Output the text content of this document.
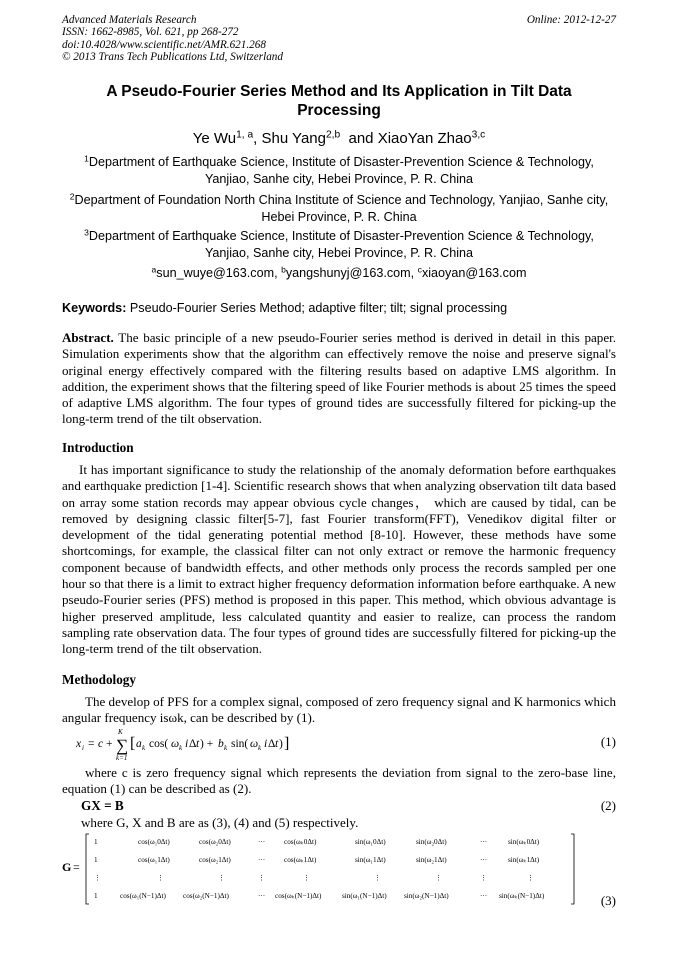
Advanced Materials Research
ISSN: 1662-8985, Vol. 621, pp 268-272
doi:10.4028/www.scientific.net/AMR.621.268
© 2013 Trans Tech Publications Ltd, Switzerland
Online: 2012-12-27
A Pseudo-Fourier Series Method and Its Application in Tilt Data
Processing
Ye Wu$^{1, a}$, Shu Yang$^{2,b}$  and XiaoYan Zhao$^{3,c}$
$^1$Department of Earthquake Science, Institute of Disaster-Prevention Science & Technology,
Yanjiao, Sanhe city, Hebei Province, P. R. China
$^2$Department of Foundation North China Institute of Science and Technology, Yanjiao, Sanhe city,
Hebei Province, P. R. China
$^3$Department of Earthquake Science, Institute of Disaster-Prevention Science & Technology,
Yanjiao, Sanhe city, Hebei Province, P. R. China
$^a$sun_wuye@163.com, $^b$yangshunyj@163.com, $^c$xiaoyan@163.com
Keywords: Pseudo-Fourier Series Method; adaptive filter; tilt; signal processing
Abstract. The basic principle of a new pseudo-Fourier series method is derived in detail in this paper. Simulation experiments show that the algorithm can effectively remove the noise and preserve signal's original energy effectively compared with the filtering results based on adaptive LMS algorithm. In addition, the experiment shows that the filtering speed of like Fourier methods is about 25 times the speed of adaptive LMS algorithm. The four types of ground tides are successfully filtered for picking-up the long-term trend of the tilt observation.
Introduction
It has important significance to study the relationship of the anomaly deformation before earthquakes and earthquake prediction [1-4]. Scientific research shows that when analyzing observation tilt data based on array some station records may appear obvious cycle changes， which are caused by tidal, can be removed by designing classic filter[5-7], fast Fourier transform(FFT), Venedikov digital filter or development of the tidal generating potential method [8-10]. However, these methods have some shortcomings, for example, the classical filter can not only extract or remove the harmonic frequency component because of bandwidth effects, and other methods only process the records sampled per one hour so that there is a limit to extract higher frequency deformation information before earthquake. A new pseudo-Fourier series (PFS) method is proposed in this paper. This method, which obvious advantage is higher preserved amplitude, less calculated quantity and easier to realize, can process the random sampling rate observation data. The four types of ground tides are successfully filtered for picking-up the long-term trend of the tilt observation.
Methodology
The develop of PFS for a complex signal, composed of zero frequency signal and K harmonics which angular frequency isωk, can be described by (1).
x i = c + ∑
K
k=1
[ a k cos( ω k i Δ t ) + b k sin( ω k i Δ t ) ]	(1)
where c is zero frequency signal which represents the deviation from signal to the zero-base line, equation (1) can be described as (2).
GX = B	(2)
where G, X and B are as (3), (4) and (5) respectively.
G =
1	cos(ω₁0Δt)	cos(ω₂0Δt)	···	cos(ωₖ0Δt)	sin(ω₁0Δt)	sin(ω₂0Δt)	···	sin(ωₖ0Δt)
1	cos(ω₁1Δt)	cos(ω₂1Δt)	···	cos(ωₖ1Δt)	sin(ω₁1Δt)	sin(ω₂1Δt)	···	sin(ωₖ1Δt)
⋮	⋮	⋮	⋮	⋮	⋮	⋮	⋮	⋮
1	cos(ω₁(N−1)Δt) cos(ω₂(N−1)Δt)	··· cos(ωₖ(N−1)Δt)	sin(ω₁(N−1)Δt) sin(ω₂(N−1)Δt)	··· sin(ωₖ(N−1)Δt)	(3)
